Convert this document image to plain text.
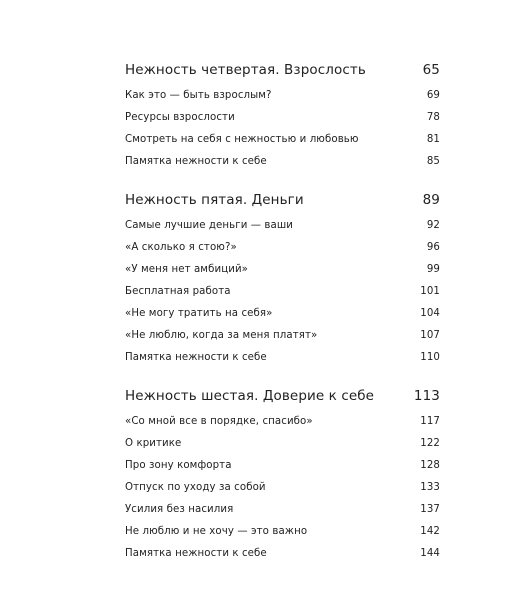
Нежность четвертая. Взрослость	65
Как это — быть взрослым?	69
Ресурсы взрослости	78
Смотреть на себя с нежностью и любовью	81
Памятка нежности к себе	85
Нежность пятая. Деньги	89
Самые лучшие деньги — ваши	92
«А сколько я стою?»	96
«У меня нет амбиций»	99
Бесплатная работа	101
«Не могу тратить на себя»	104
«Не люблю, когда за меня платят»	107
Памятка нежности к себе	110
Нежность шестая. Доверие к себе	113
«Со мной все в порядке, спасибо»	117
О критике	122
Про зону комфорта	128
Отпуск по уходу за собой	133
Усилия без насилия	137
Не люблю и не хочу — это важно	142
Памятка нежности к себе	144
